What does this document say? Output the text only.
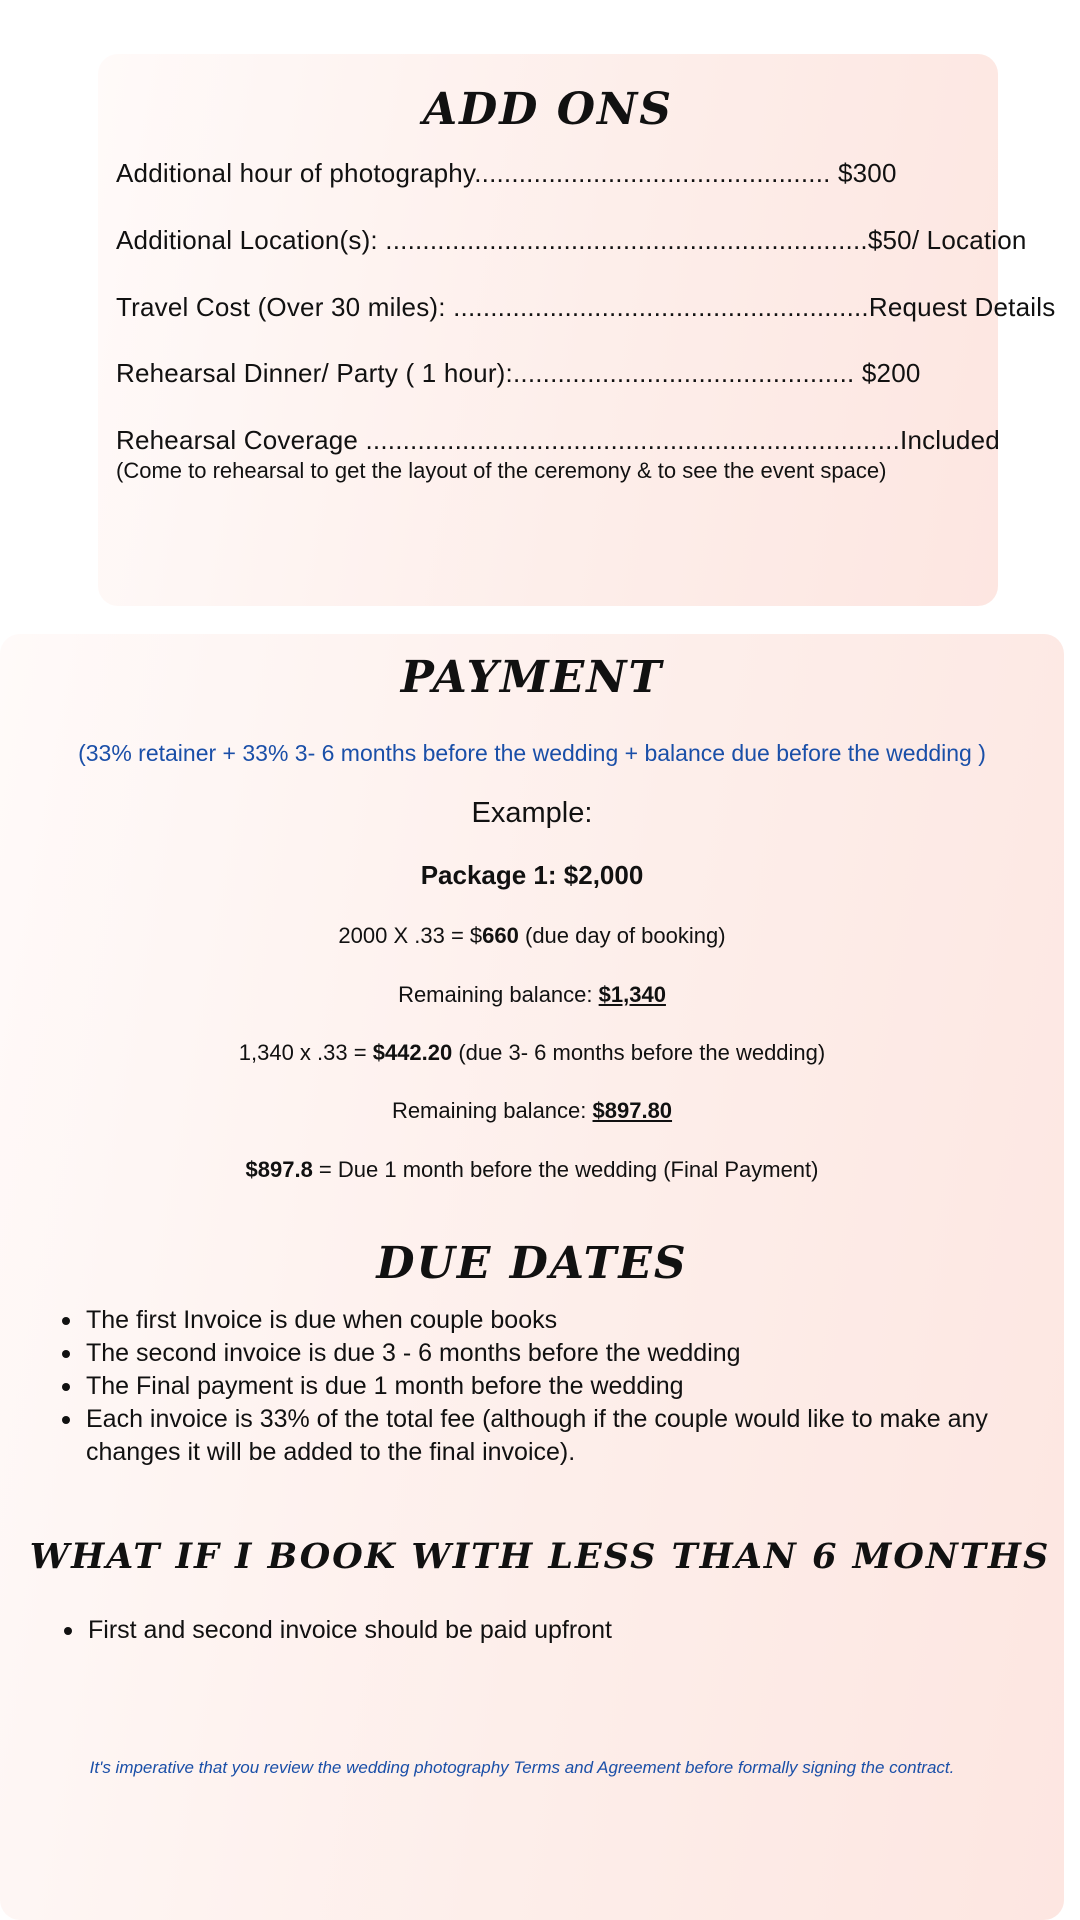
ADD ONS
Additional hour of photography................................................ $300
Additional Location(s): .................................................................$50/ Location
Travel Cost (Over 30 miles): ........................................................Request Details
Rehearsal Dinner/ Party ( 1 hour):.............................................. $200
Rehearsal Coverage ........................................................................Included
(Come to rehearsal to get the layout of the ceremony & to see the event space)
PAYMENT
(33% retainer + 33% 3- 6 months before the wedding + balance due before the wedding )
Example:
Package 1: $2,000
2000 X .33 = $660 (due day of booking)
Remaining balance: $1,340
1,340 x .33 = $442.20 (due 3- 6 months before the wedding)
Remaining balance: $897.80
$897.8 = Due 1 month before the wedding (Final Payment)
DUE DATES
The first Invoice is due when couple books
The second invoice is due 3 - 6 months before the wedding
The Final payment is due 1 month before the wedding
Each invoice is 33% of the total fee (although if the couple would like to make any changes it will be added to the final invoice).
WHAT IF I BOOK WITH LESS THAN 6 MONTHS
First and second invoice should be paid upfront
It's imperative that you review the wedding photography Terms and Agreement before formally signing the contract.
